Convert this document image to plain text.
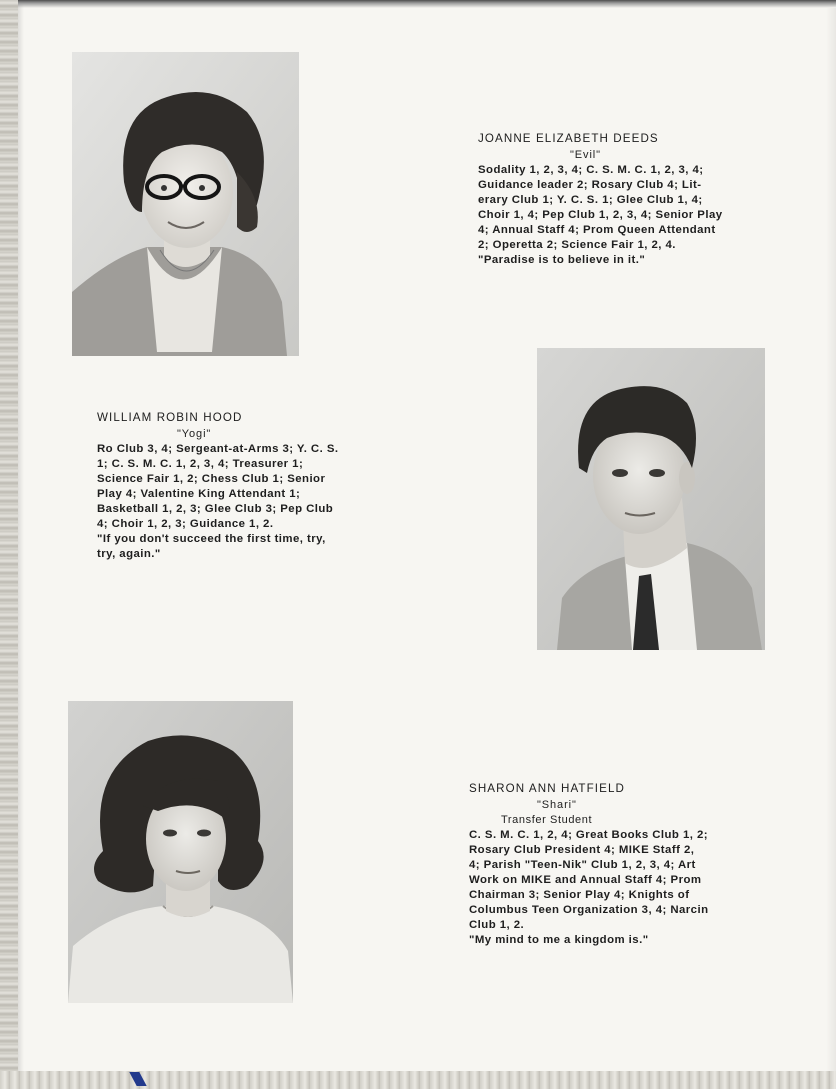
JOANNE ELIZABETH DEEDS
"Evil"
Sodality 1, 2, 3, 4; C. S. M. C. 1, 2, 3, 4;
Guidance leader 2; Rosary Club 4; Lit-
erary Club 1; Y. C. S. 1; Glee Club 1, 4;
Choir 1, 4; Pep Club 1, 2, 3, 4; Senior Play
4; Annual Staff 4; Prom Queen Attendant
2; Operetta 2; Science Fair 1, 2, 4.
"Paradise is to believe in it."
WILLIAM ROBIN HOOD
"Yogi"
Ro Club 3, 4; Sergeant-at-Arms 3; Y. C. S.
1; C. S. M. C. 1, 2, 3, 4; Treasurer 1;
Science Fair 1, 2; Chess Club 1; Senior
Play 4; Valentine King Attendant 1;
Basketball 1, 2, 3; Glee Club 3; Pep Club
4; Choir 1, 2, 3; Guidance 1, 2.
"If you don't succeed the first time, try,
try, again."
SHARON ANN HATFIELD
"Shari"
Transfer Student
C. S. M. C. 1, 2, 4; Great Books Club 1, 2;
Rosary Club President 4; MIKE Staff 2,
4; Parish "Teen-Nik" Club 1, 2, 3, 4; Art
Work on MIKE and Annual Staff 4; Prom
Chairman 3; Senior Play 4; Knights of
Columbus Teen Organization 3, 4; Narcin
Club 1, 2.
"My mind to me a kingdom is."
